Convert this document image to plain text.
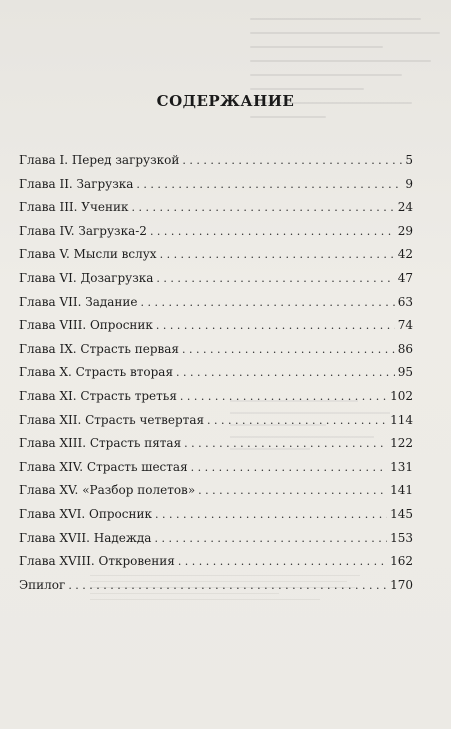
СОДЕРЖАНИЕ
Глава I. Перед загрузкой . . .	5
Глава II. Загрузка . . .	9
Глава III. Ученик . . .	24
Глава IV. Загрузка-2 . . .	29
Глава V. Мысли вслух . . .	42
Глава VI. Дозагрузка . . .	47
Глава VII. Задание . . .	63
Глава VIII. Опросник . . .	74
Глава IX. Страсть первая . . .	86
Глава X. Страсть вторая . . .	95
Глава XI. Страсть третья . . .	102
Глава XII. Страсть четвертая . . .	114
Глава XIII. Страсть пятая . . .	122
Глава XIV. Страсть шестая . . .	131
Глава XV. «Разбор полетов» . . .	141
Глава XVI. Опросник . . .	145
Глава XVII. Надежда . . .	153
Глава XVIII. Откровения . . .	162
Эпилог . . .	170
